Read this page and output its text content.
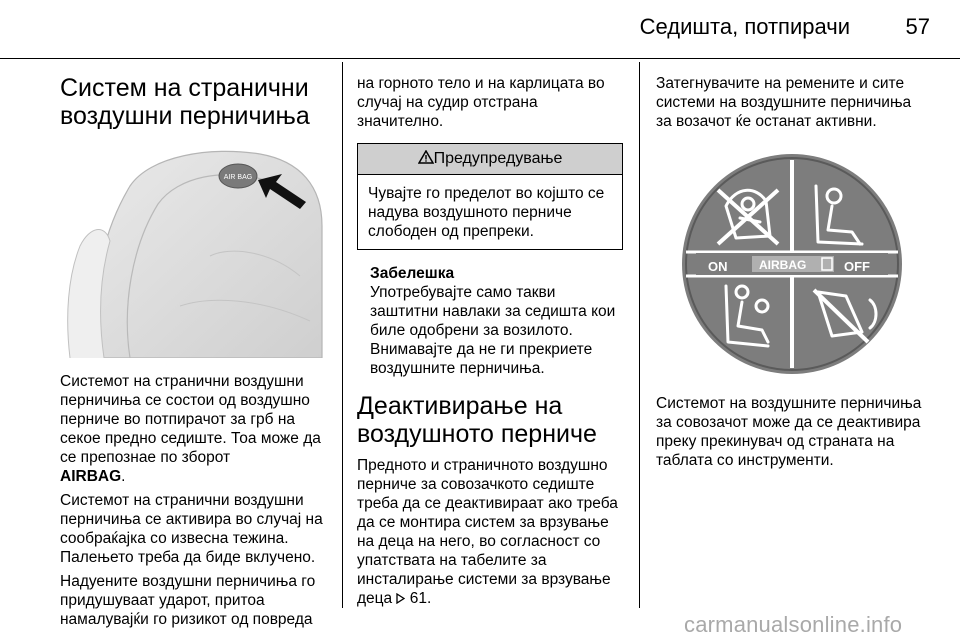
Седишта, потпирачи	57
Систем на странични воздушни перничиња
AIR BAG

Системот на странични воздушни перничиња се состои од воздушно перниче во потпирачот за грб на секое предно седиште. Тоа може да се препознае по зборот
AIRBAG.

Системот на странични воздушни перничиња се активира во случај на сообраќајка со извесна тежина. Палењето треба да биде вклучено.

Надуените воздушни перничиња го придушуваат ударот, притоа намалувајќи го ризикот од повреда

на горното тело и на карлицата во случај на судир отстрана значително.

Предупредување
Чувајте го пределот во којшто се надува воздушното перниче слободен од препреки.
Забелешка
Употребувајте само такви заштитни навлаки за седишта кои биле одобрени за возилото. Внимавајте да не ги прекриете воздушните перничиња.
Деактивирање на воздушното перниче

Предното и страничното воздушно перниче за совозачкото седиште треба да се деактивираат ако треба да се монтира систем за врзување на деца на него, во согласност со упатствата на табелите за инсталирање системи за врзување деца 61.

Затегнувачите на ремените и сите системи на воздушните перничиња за возачот ќе останат активни.

ON	AIRBAG	OFF

Системот на воздушните перничиња за совозачот може да се деактивира преку прекинувач од страната на таблата со инструменти.

carmanualsonline.info
